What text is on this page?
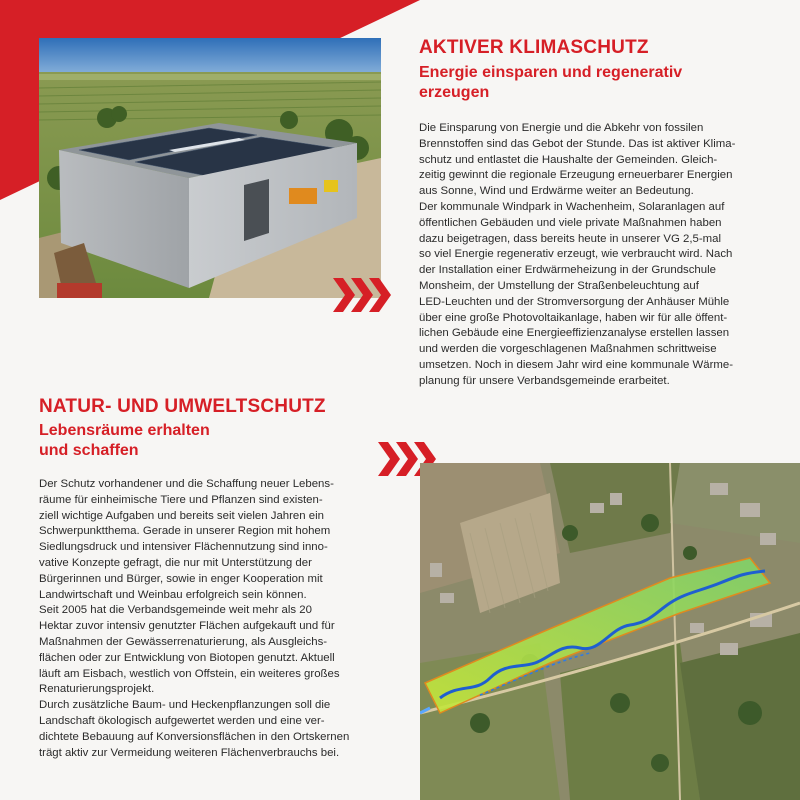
AKTIVER KLIMASCHUTZ
Energie einsparen und regenerativ
erzeugen
Die Einsparung von Energie und die Abkehr von fossilen
Brennstoffen sind das Gebot der Stunde. Das ist aktiver Klima-
schutz und entlastet die Haushalte der Gemeinden. Gleich-
zeitig gewinnt die regionale Erzeugung erneuerbarer Energien
aus Sonne, Wind und Erdwärme weiter an Bedeutung.
Der kommunale Windpark in Wachenheim, Solaranlagen auf
öffentlichen Gebäuden und viele private Maßnahmen haben
dazu beigetragen, dass bereits heute in unserer VG 2,5-mal
so viel Energie regenerativ erzeugt, wie verbraucht wird. Nach
der Installation einer Erdwärmeheizung in der Grundschule
Monsheim, der Umstellung der Straßenbeleuchtung auf
LED-Leuchten und der Stromversorgung der Anhäuser Mühle
über eine große Photovoltaikanlage, haben wir für alle öffent-
lichen Gebäude eine Energieeffizienzanalyse erstellen lassen
und werden die vorgeschlagenen Maßnahmen schrittweise
umsetzen. Noch in diesem Jahr wird eine kommunale Wärme-
planung für unsere Verbandsgemeinde erarbeitet.
NATUR- UND UMWELTSCHUTZ
Lebensräume erhalten
und schaffen
Der Schutz vorhandener und die Schaffung neuer Lebens-
räume für einheimische Tiere und Pflanzen sind existen-
ziell wichtige Aufgaben und bereits seit vielen Jahren ein
Schwerpunktthema. Gerade in unserer Region mit hohem
Siedlungsdruck und intensiver Flächennutzung sind inno-
vative Konzepte gefragt, die nur mit Unterstützung der
Bürgerinnen und Bürger, sowie in enger Kooperation mit
Landwirtschaft und Weinbau erfolgreich sein können.
Seit 2005 hat die Verbandsgemeinde weit mehr als 20
Hektar zuvor intensiv genutzter Flächen aufgekauft und für
Maßnahmen der Gewässerrenaturierung, als Ausgleichs-
flächen oder zur Entwicklung von Biotopen genutzt. Aktuell
läuft am Eisbach, westlich von Offstein, ein weiteres großes
Renaturierungsprojekt.
Durch zusätzliche Baum- und Heckenpflanzungen soll die
Landschaft ökologisch aufgewertet werden und eine ver-
dichtete Bebauung auf Konversionsflächen in den Ortskernen
trägt aktiv zur Vermeidung weiteren Flächenverbrauchs bei.
